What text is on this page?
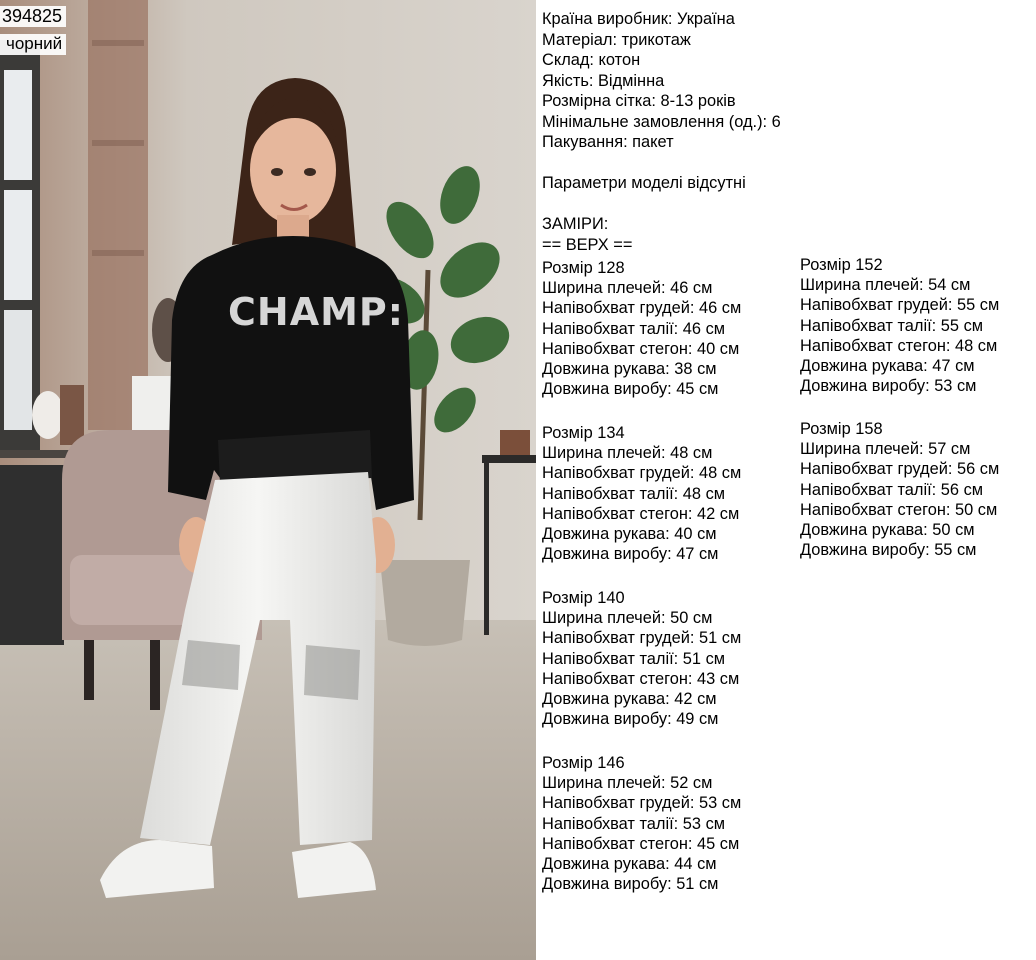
CHAMP:
394825
чорний
Країна виробник: Україна
Матеріал: трикотаж
Склад: котон
Якість: Відмінна
Розмірна сітка: 8-13 років
Мінімальне замовлення (од.): 6
Пакування: пакет
Параметри моделі відсутні
ЗАМІРИ:
== ВЕРХ ==
Розмір 128
Ширина плечей: 46 см
Напівобхват грудей: 46 см
Напівобхват талії: 46 см
Напівобхват стегон: 40 см
Довжина рукава: 38 см
Довжина виробу: 45 см
Розмір 134
Ширина плечей: 48 см
Напівобхват грудей: 48 см
Напівобхват талії: 48 см
Напівобхват стегон: 42 см
Довжина рукава: 40 см
Довжина виробу: 47 см
Розмір 140
Ширина плечей: 50 см
Напівобхват грудей: 51 см
Напівобхват талії: 51 см
Напівобхват стегон: 43 см
Довжина рукава: 42 см
Довжина виробу: 49 см
Розмір 146
Ширина плечей: 52 см
Напівобхват грудей: 53 см
Напівобхват талії: 53 см
Напівобхват стегон: 45 см
Довжина рукава: 44 см
Довжина виробу: 51 см
Розмір 152
Ширина плечей: 54 см
Напівобхват грудей: 55 см
Напівобхват талії: 55 см
Напівобхват стегон: 48 см
Довжина рукава: 47 см
Довжина виробу: 53 см
Розмір 158
Ширина плечей: 57 см
Напівобхват грудей: 56 см
Напівобхват талії: 56 см
Напівобхват стегон: 50 см
Довжина рукава: 50 см
Довжина виробу: 55 см
